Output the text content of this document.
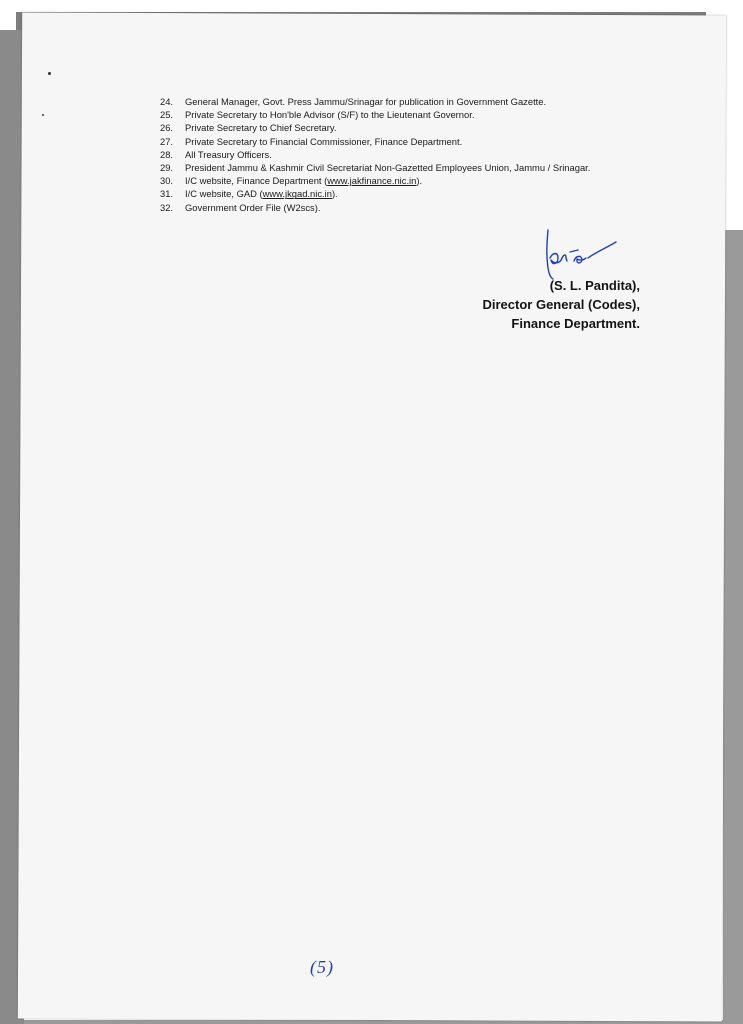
24. General Manager, Govt. Press Jammu/Srinagar for publication in Government Gazette.
25. Private Secretary to Hon'ble Advisor (S/F) to the Lieutenant Governor.
26. Private Secretary to Chief Secretary.
27. Private Secretary to Financial Commissioner, Finance Department.
28. All Treasury Officers.
29. President Jammu & Kashmir Civil Secretariat Non-Gazetted Employees Union, Jammu / Srinagar.
30. I/C website, Finance Department (www.jakfinance.nic.in).
31. I/C website, GAD (www.jkgad.nic.in).
32. Government Order File (W2scs).
(S. L. Pandita),
Director General (Codes),
Finance Department.
(5)
